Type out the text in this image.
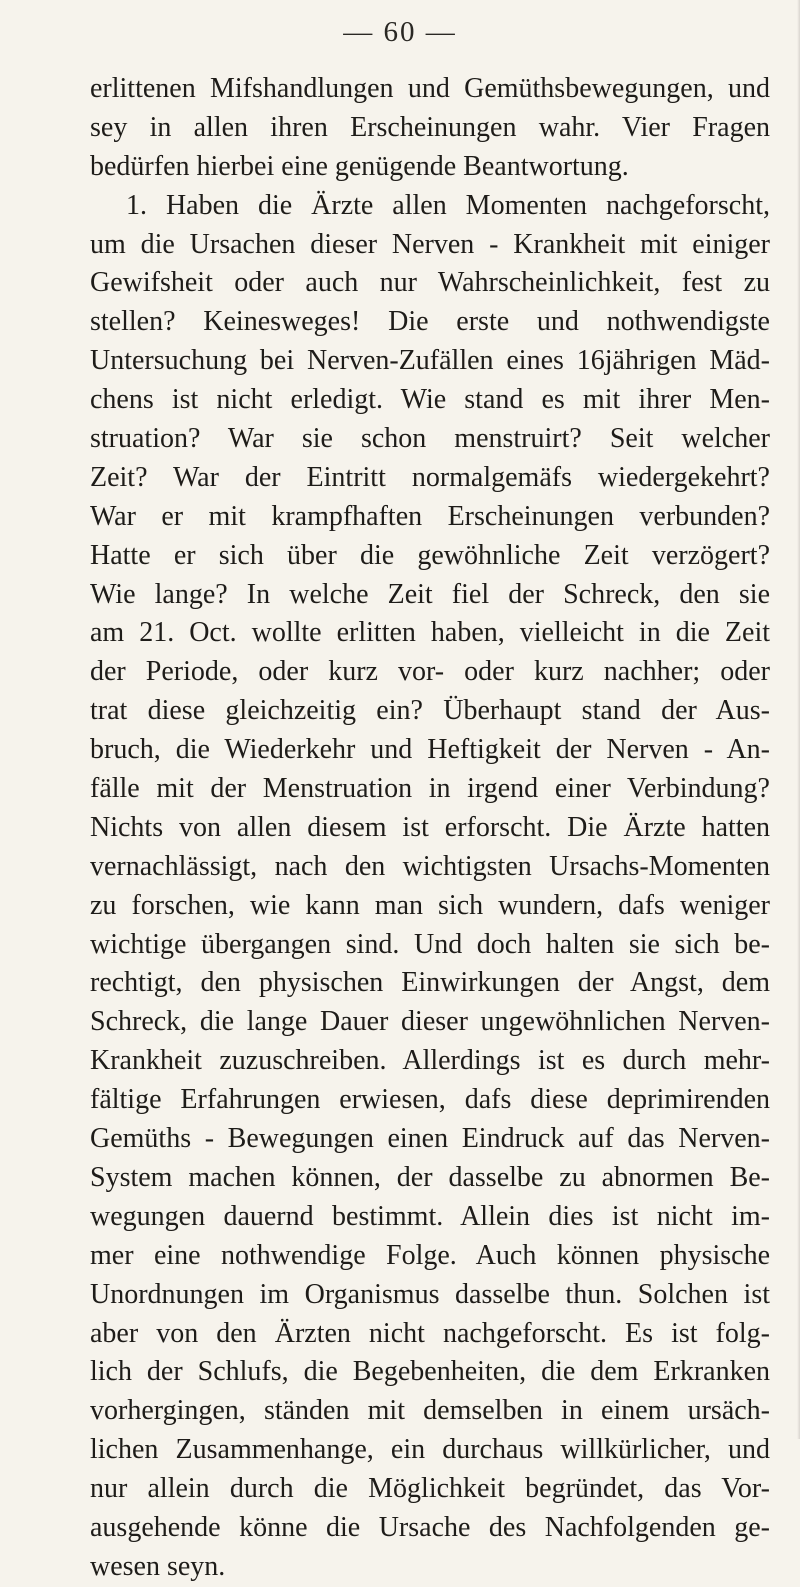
— 60 —
erlittenen Mifshandlungen und Gemüthsbewegungen, und
sey in allen ihren Erscheinungen wahr. Vier Fragen
bedürfen hierbei eine genügende Beantwortung.
1. Haben die Ärzte allen Momenten nachgeforscht,
um die Ursachen dieser Nerven - Krankheit mit einiger
Gewifsheit oder auch nur Wahrscheinlichkeit, fest zu
stellen? Keinesweges! Die erste und nothwendigste
Untersuchung bei Nerven-Zufällen eines 16jährigen Mäd-
chens ist nicht erledigt. Wie stand es mit ihrer Men-
struation? War sie schon menstruirt? Seit welcher
Zeit? War der Eintritt normalgemäfs wiedergekehrt?
War er mit krampfhaften Erscheinungen verbunden?
Hatte er sich über die gewöhnliche Zeit verzögert?
Wie lange? In welche Zeit fiel der Schreck, den sie
am 21. Oct. wollte erlitten haben, vielleicht in die Zeit
der Periode, oder kurz vor- oder kurz nachher; oder
trat diese gleichzeitig ein? Überhaupt stand der Aus-
bruch, die Wiederkehr und Heftigkeit der Nerven - An-
fälle mit der Menstruation in irgend einer Verbindung?
Nichts von allen diesem ist erforscht. Die Ärzte hatten
vernachlässigt, nach den wichtigsten Ursachs-Momenten
zu forschen, wie kann man sich wundern, dafs weniger
wichtige übergangen sind. Und doch halten sie sich be-
rechtigt, den physischen Einwirkungen der Angst, dem
Schreck, die lange Dauer dieser ungewöhnlichen Nerven-
Krankheit zuzuschreiben. Allerdings ist es durch mehr-
fältige Erfahrungen erwiesen, dafs diese deprimirenden
Gemüths - Bewegungen einen Eindruck auf das Nerven-
System machen können, der dasselbe zu abnormen Be-
wegungen dauernd bestimmt. Allein dies ist nicht im-
mer eine nothwendige Folge. Auch können physische
Unordnungen im Organismus dasselbe thun. Solchen ist
aber von den Ärzten nicht nachgeforscht. Es ist folg-
lich der Schlufs, die Begebenheiten, die dem Erkranken
vorhergingen, ständen mit demselben in einem ursäch-
lichen Zusammenhange, ein durchaus willkürlicher, und
nur allein durch die Möglichkeit begründet, das Vor-
ausgehende könne die Ursache des Nachfolgenden ge-
wesen seyn.
